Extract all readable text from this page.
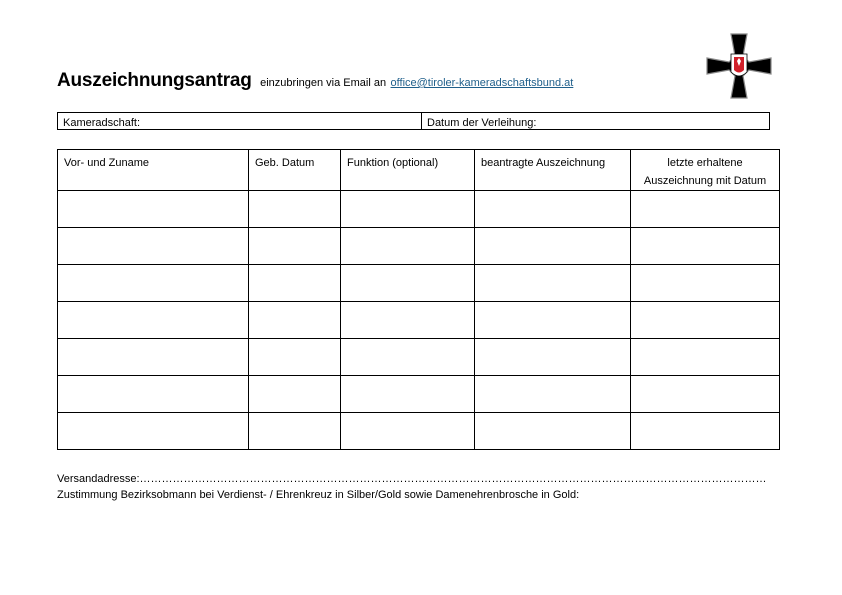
Auszeichnungsantrag einzubringen via Email an office@tiroler-kameradschaftsbund.at
Kameradschaft:	Datum der Verleihung:
Vor- und Zuname	Geb. Datum	Funktion (optional)	beantragte Auszeichnung	letzte erhaltene Auszeichnung mit Datum

Versandadresse:………………………………………………………………………………………………………………………………………………………
Zustimmung Bezirksobmann bei Verdienst- / Ehrenkreuz in Silber/Gold sowie Damenehrenbrosche in Gold:
